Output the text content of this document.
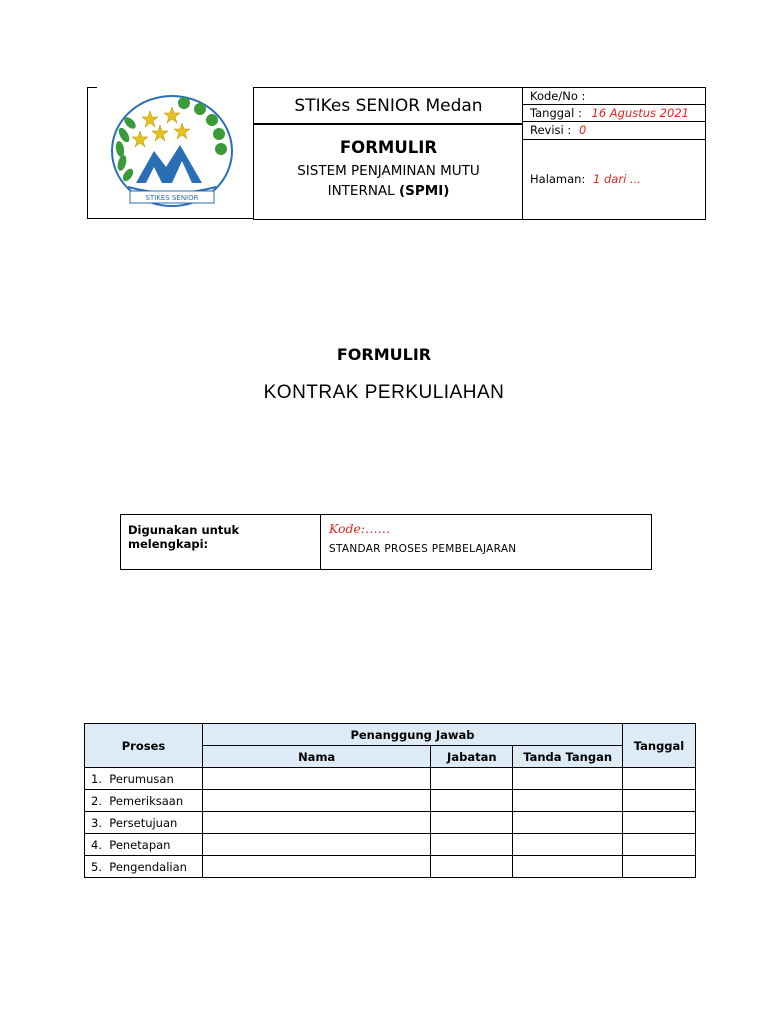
STIKES SENIOR
STIKes SENIOR Medan
FORMULIR
SISTEM PENJAMINAN MUTU
INTERNAL (SPMI)
Kode/No :
Tanggal : 16 Agustus 2021
Revisi : 0
Halaman: 1 dari ...
FORMULIR
KONTRAK PERKULIAHAN
Digunakan untuk melengkapi:
Kode:……
STANDAR PROSES PEMBELAJARAN
Proses	Penanggung Jawab			Tanggal
	Nama	Jabatan	Tanda Tangan	
1. Perumusan				
2. Pemeriksaan				
3. Persetujuan				
4. Penetapan				
5. Pengendalian				
